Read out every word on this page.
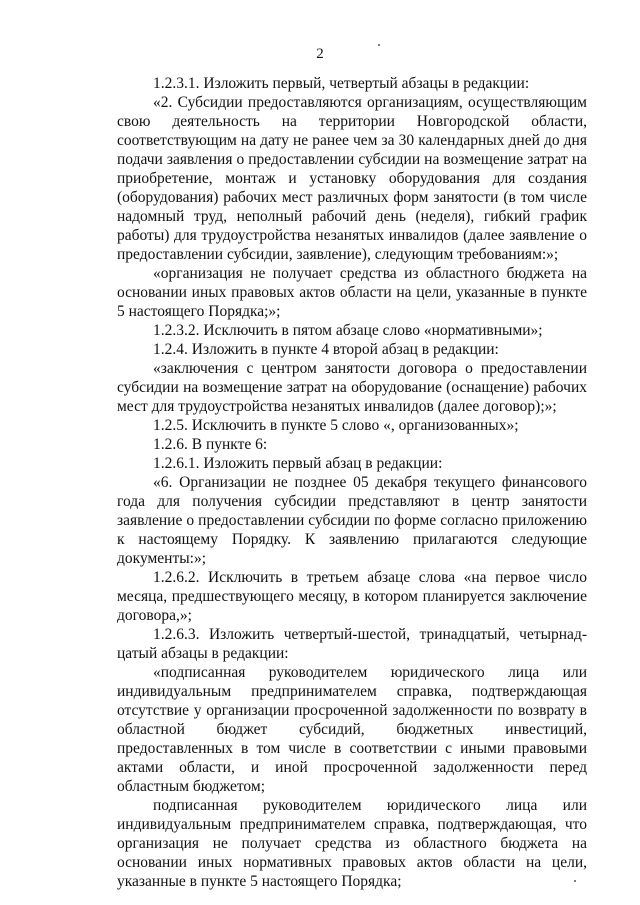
2

1.2.3.1. Изложить первый, четвертый абзацы в редакции:

«2. Субсидии предоставляются организациям, осуществляющим свою деятельность на территории Новгородской области, соответствующим на дату не ранее чем за 30 календарных дней до дня подачи заявления о предоставлении субсидии на возмещение затрат на приобретение, монтаж и установку оборудования для создания (оборудования) рабочих мест различных форм занятости (в том числе надомный труд, неполный рабочий день (неделя), гибкий график работы) для трудоустройства незанятых инвалидов (далее заявление о предоставлении субсидии, заявление), следующим требованиям:»;

«организация не получает средства из областного бюджета на основании иных правовых актов области на цели, указанные в пункте 5 настоящего Порядка;»;

1.2.3.2. Исключить в пятом абзаце слово «нормативными»;

1.2.4. Изложить в пункте 4 второй абзац в редакции:

«заключения с центром занятости договора о предоставлении субсидии на возмещение затрат на оборудование (оснащение) рабочих мест для трудоустройства незанятых инвалидов (далее договор);»;

1.2.5. Исключить в пункте 5 слово «, организованных»;

1.2.6. В пункте 6:

1.2.6.1. Изложить первый абзац в редакции:

«6. Организации не позднее 05 декабря текущего финансового года для получения субсидии представляют в центр занятости заявление о предоставлении субсидии по форме согласно приложению к настоящему Порядку. К заявлению прилагаются следующие документы:»;

1.2.6.2. Исключить в третьем абзаце слова «на первое число месяца, предшествующего месяцу, в котором планируется заключение договора,»;

1.2.6.3. Изложить четвертый-шестой, тринадцатый, четырнад-цатый абзацы в редакции:

«подписанная руководителем юридического лица или индивидуальным предпринимателем справка, подтверждающая отсутствие у организации просроченной задолженности по возврату в областной бюджет субсидий, бюджетных инвестиций, предоставленных в том числе в соответствии с иными правовыми актами области, и иной просроченной задолженности перед областным бюджетом;

подписанная руководителем юридического лица или индивидуальным предпринимателем справка, подтверждающая, что организация не получает средства из областного бюджета на основании иных нормативных правовых актов области на цели, указанные в пункте 5 настоящего Порядка;
